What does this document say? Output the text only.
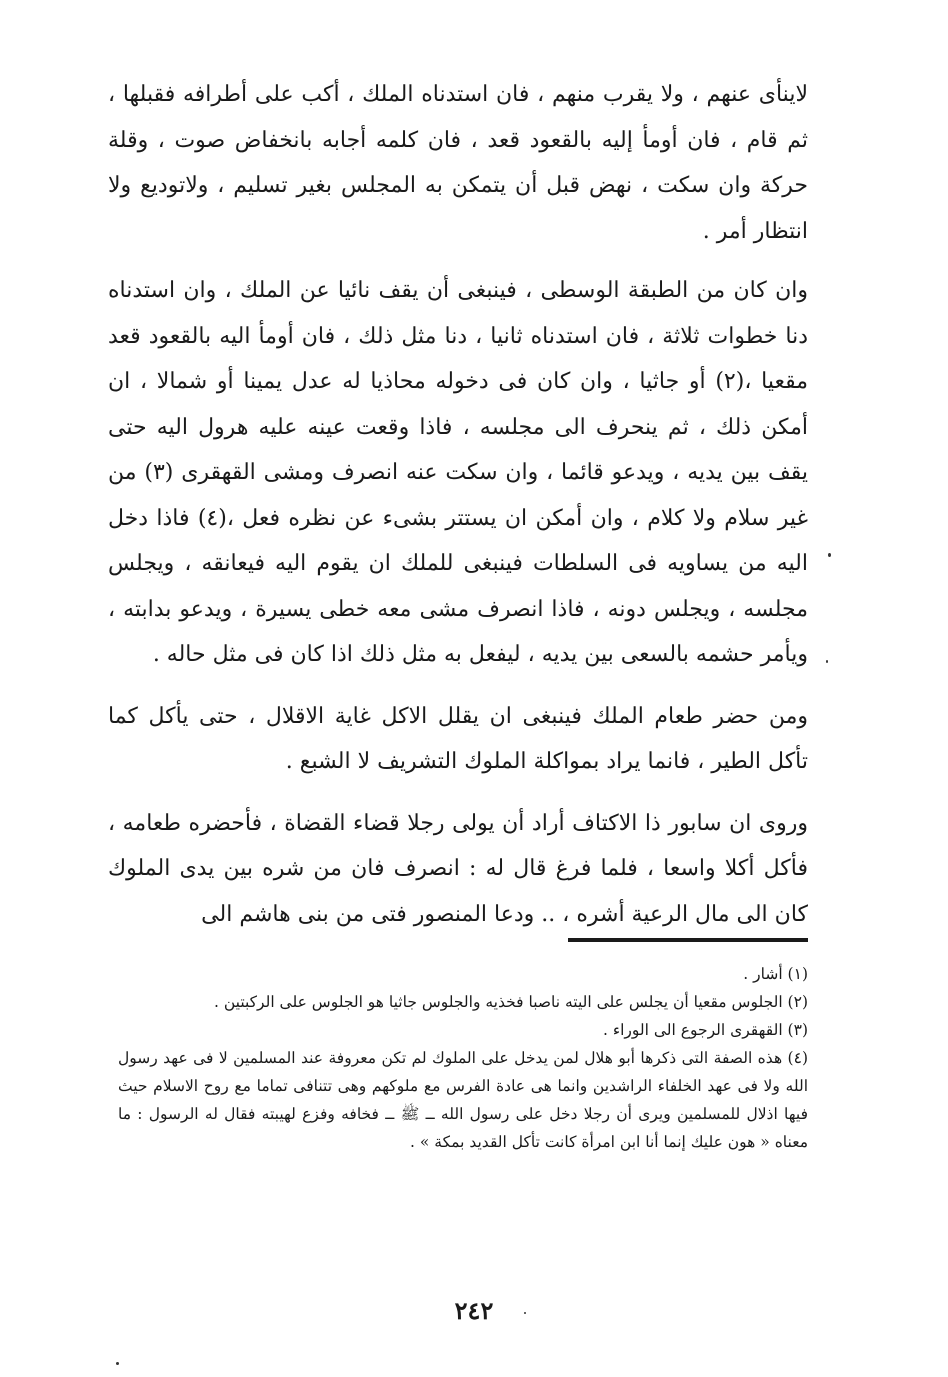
لاينأى عنهم ، ولا يقرب منهم ، فان استدناه الملك ، أكب على أطرافه فقبلها ، ثم قام ، فان أومأ إليه بالقعود قعد ، فان كلمه أجابه بانخفاض صوت ، وقلة حركة وان سكت ، نهض قبل أن يتمكن به المجلس بغير تسليم ، ولاتوديع ولا انتظار أمر .

وان كان من الطبقة الوسطى ، فينبغى أن يقف نائيا عن الملك ، وان استدناه دنا خطوات ثلاثة ، فان استدناه ثانيا ، دنا مثل ذلك ، فان أومأ اليه بالقعود قعد مقعيا ،(٢) أو جاثيا ، وان كان فى دخوله محاذيا له عدل يمينا أو شمالا ، ان أمكن ذلك ، ثم ينحرف الى مجلسه ، فاذا وقعت عينه عليه هرول اليه حتى يقف بين يديه ، ويدعو قائما ، وان سكت عنه انصرف ومشى القهقرى (٣) من غير سلام ولا كلام ، وان أمكن ان يستتر بشىء عن نظره فعل ،(٤) فاذا دخل اليه من يساويه فى السلطات فينبغى للملك ان يقوم اليه فيعانقه ، ويجلس مجلسه ، ويجلس دونه ، فاذا انصرف مشى معه خطى يسيرة ، ويدعو بدابته ، ويأمر حشمه بالسعى بين يديه ، ليفعل به مثل ذلك اذا كان فى مثل حاله .

ومن حضر طعام الملك فينبغى ان يقلل الاكل غاية الاقلال ، حتى يأكل كما تأكل الطير ، فانما يراد بمواكلة الملوك التشريف لا الشبع .

وروى ان سابور ذا الاكتاف أراد أن يولى رجلا قضاء القضاة ، فأحضره طعامه ، فأكل أكلا واسعا ، فلما فرغ قال له : انصرف فان من شره بين يدى الملوك كان الى مال الرعية أشره ، .. ودعا المنصور فتى من بنى هاشم الى

(١) أشار .

(٢) الجلوس مقعيا أن يجلس على اليته ناصبا فخذيه والجلوس جاثيا هو الجلوس على الركبتين .

(٣) القهقرى الرجوع الى الوراء .

(٤) هذه الصفة التى ذكرها أبو هلال لمن يدخل على الملوك لم تكن معروفة عند المسلمين لا فى عهد رسول الله ولا فى عهد الخلفاء الراشدين وانما هى عادة الفرس مع ملوكهم وهى تتنافى تماما مع روح الاسلام حيث فيها اذلال للمسلمين ويرى أن رجلا دخل على رسول الله ــ ﷺ ــ فخافه وفزع لهيبته فقال له الرسول : ما معناه « هون عليك إنما أنا ابن امرأة كانت تأكل القديد بمكة » .

٢٤٢
